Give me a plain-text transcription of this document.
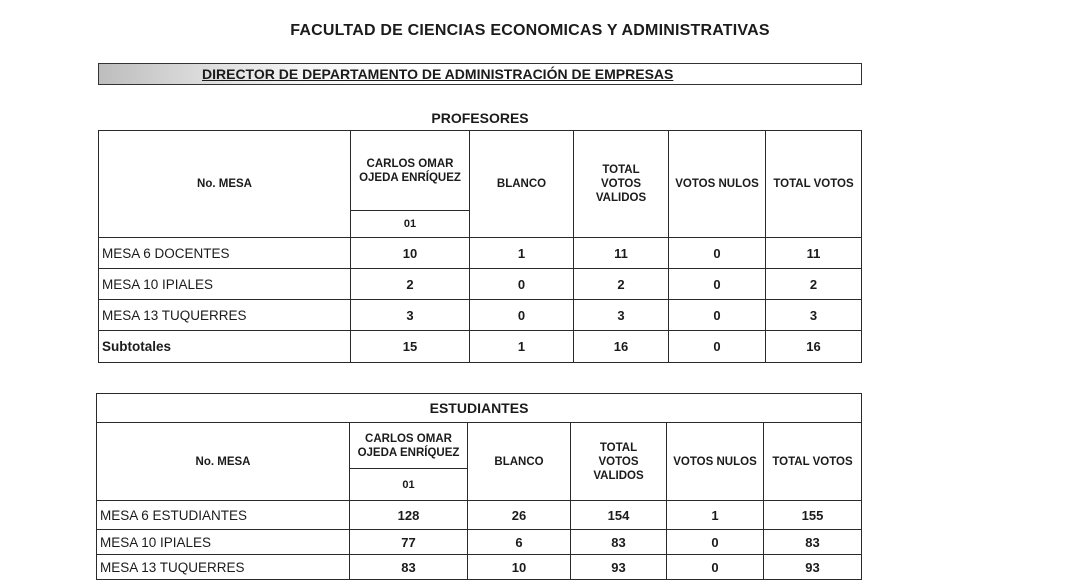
FACULTAD DE CIENCIAS ECONOMICAS Y ADMINISTRATIVAS
DIRECTOR DE DEPARTAMENTO DE ADMINISTRACIÓN DE EMPRESAS
PROFESORES
No. MESA	CARLOS OMAR OJEDA ENRÍQUEZ	BLANCO	TOTAL VOTOS VALIDOS	VOTOS NULOS	TOTAL VOTOS
	01				
MESA 6 DOCENTES	10	1	11	0	11
MESA 10 IPIALES	2	0	2	0	2
MESA 13 TUQUERRES	3	0	3	0	3
Subtotales	15	1	16	0	16
ESTUDIANTES					
No. MESA	CARLOS OMAR OJEDA ENRÍQUEZ	BLANCO	TOTAL VOTOS VALIDOS	VOTOS NULOS	TOTAL VOTOS
	01				
MESA 6 ESTUDIANTES	128	26	154	1	155
MESA 10 IPIALES	77	6	83	0	83
MESA 13 TUQUERRES	83	10	93	0	93
